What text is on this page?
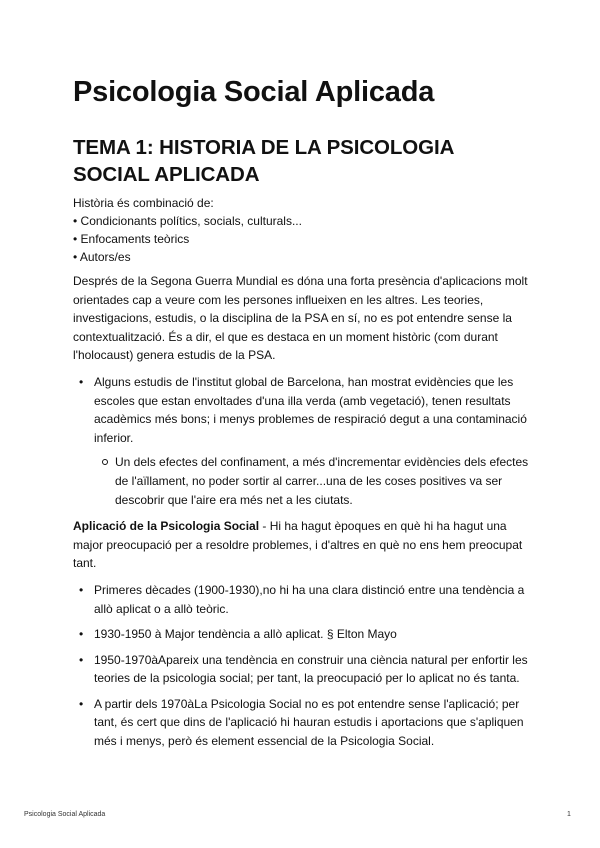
Psicologia Social Aplicada
TEMA 1: HISTORIA DE LA PSICOLOGIA SOCIAL APLICADA
Història és combinació de:
• Condicionants polítics, socials, culturals...
• Enfocaments teòrics
• Autors/es

Després de la Segona Guerra Mundial es dóna una forta presència d'aplicacions molt orientades cap a veure com les persones influeixen en les altres. Les teories, investigacions, estudis, o la disciplina de la PSA en sí, no es pot entendre sense la contextualització. És a dir, el que es destaca en un moment històric (com durant l'holocaust) genera estudis de la PSA.

• Alguns estudis de l'institut global de Barcelona, han mostrat evidències que les escoles que estan envoltades d'una illa verda (amb vegetació), tenen resultats acadèmics més bons; i menys problemes de respiració degut a una contaminació inferior.
Un dels efectes del confinament, a més d'incrementar evidències dels efectes de l'aïllament, no poder sortir al carrer...una de les coses positives va ser descobrir que l'aire era més net a les ciutats.

Aplicació de la Psicologia Social - Hi ha hagut èpoques en què hi ha hagut una major preocupació per a resoldre problemes, i d'altres en què no ens hem preocupat tant.

• Primeres dècades (1900-1930),no hi ha una clara distinció entre una tendència a allò aplicat o a allò teòric.
• 1930-1950 à Major tendència a allò aplicat. § Elton Mayo
• 1950-1970àApareix una tendència en construir una ciència natural per enfortir les teories de la psicologia social; per tant, la preocupació per lo aplicat no és tanta.
• A partir dels 1970àLa Psicologia Social no es pot entendre sense l'aplicació; per tant, és cert que dins de l'aplicació hi hauran estudis i aportacions que s'apliquen més i menys, però és element essencial de la Psicologia Social.
Psicologia Social Aplicada	1
